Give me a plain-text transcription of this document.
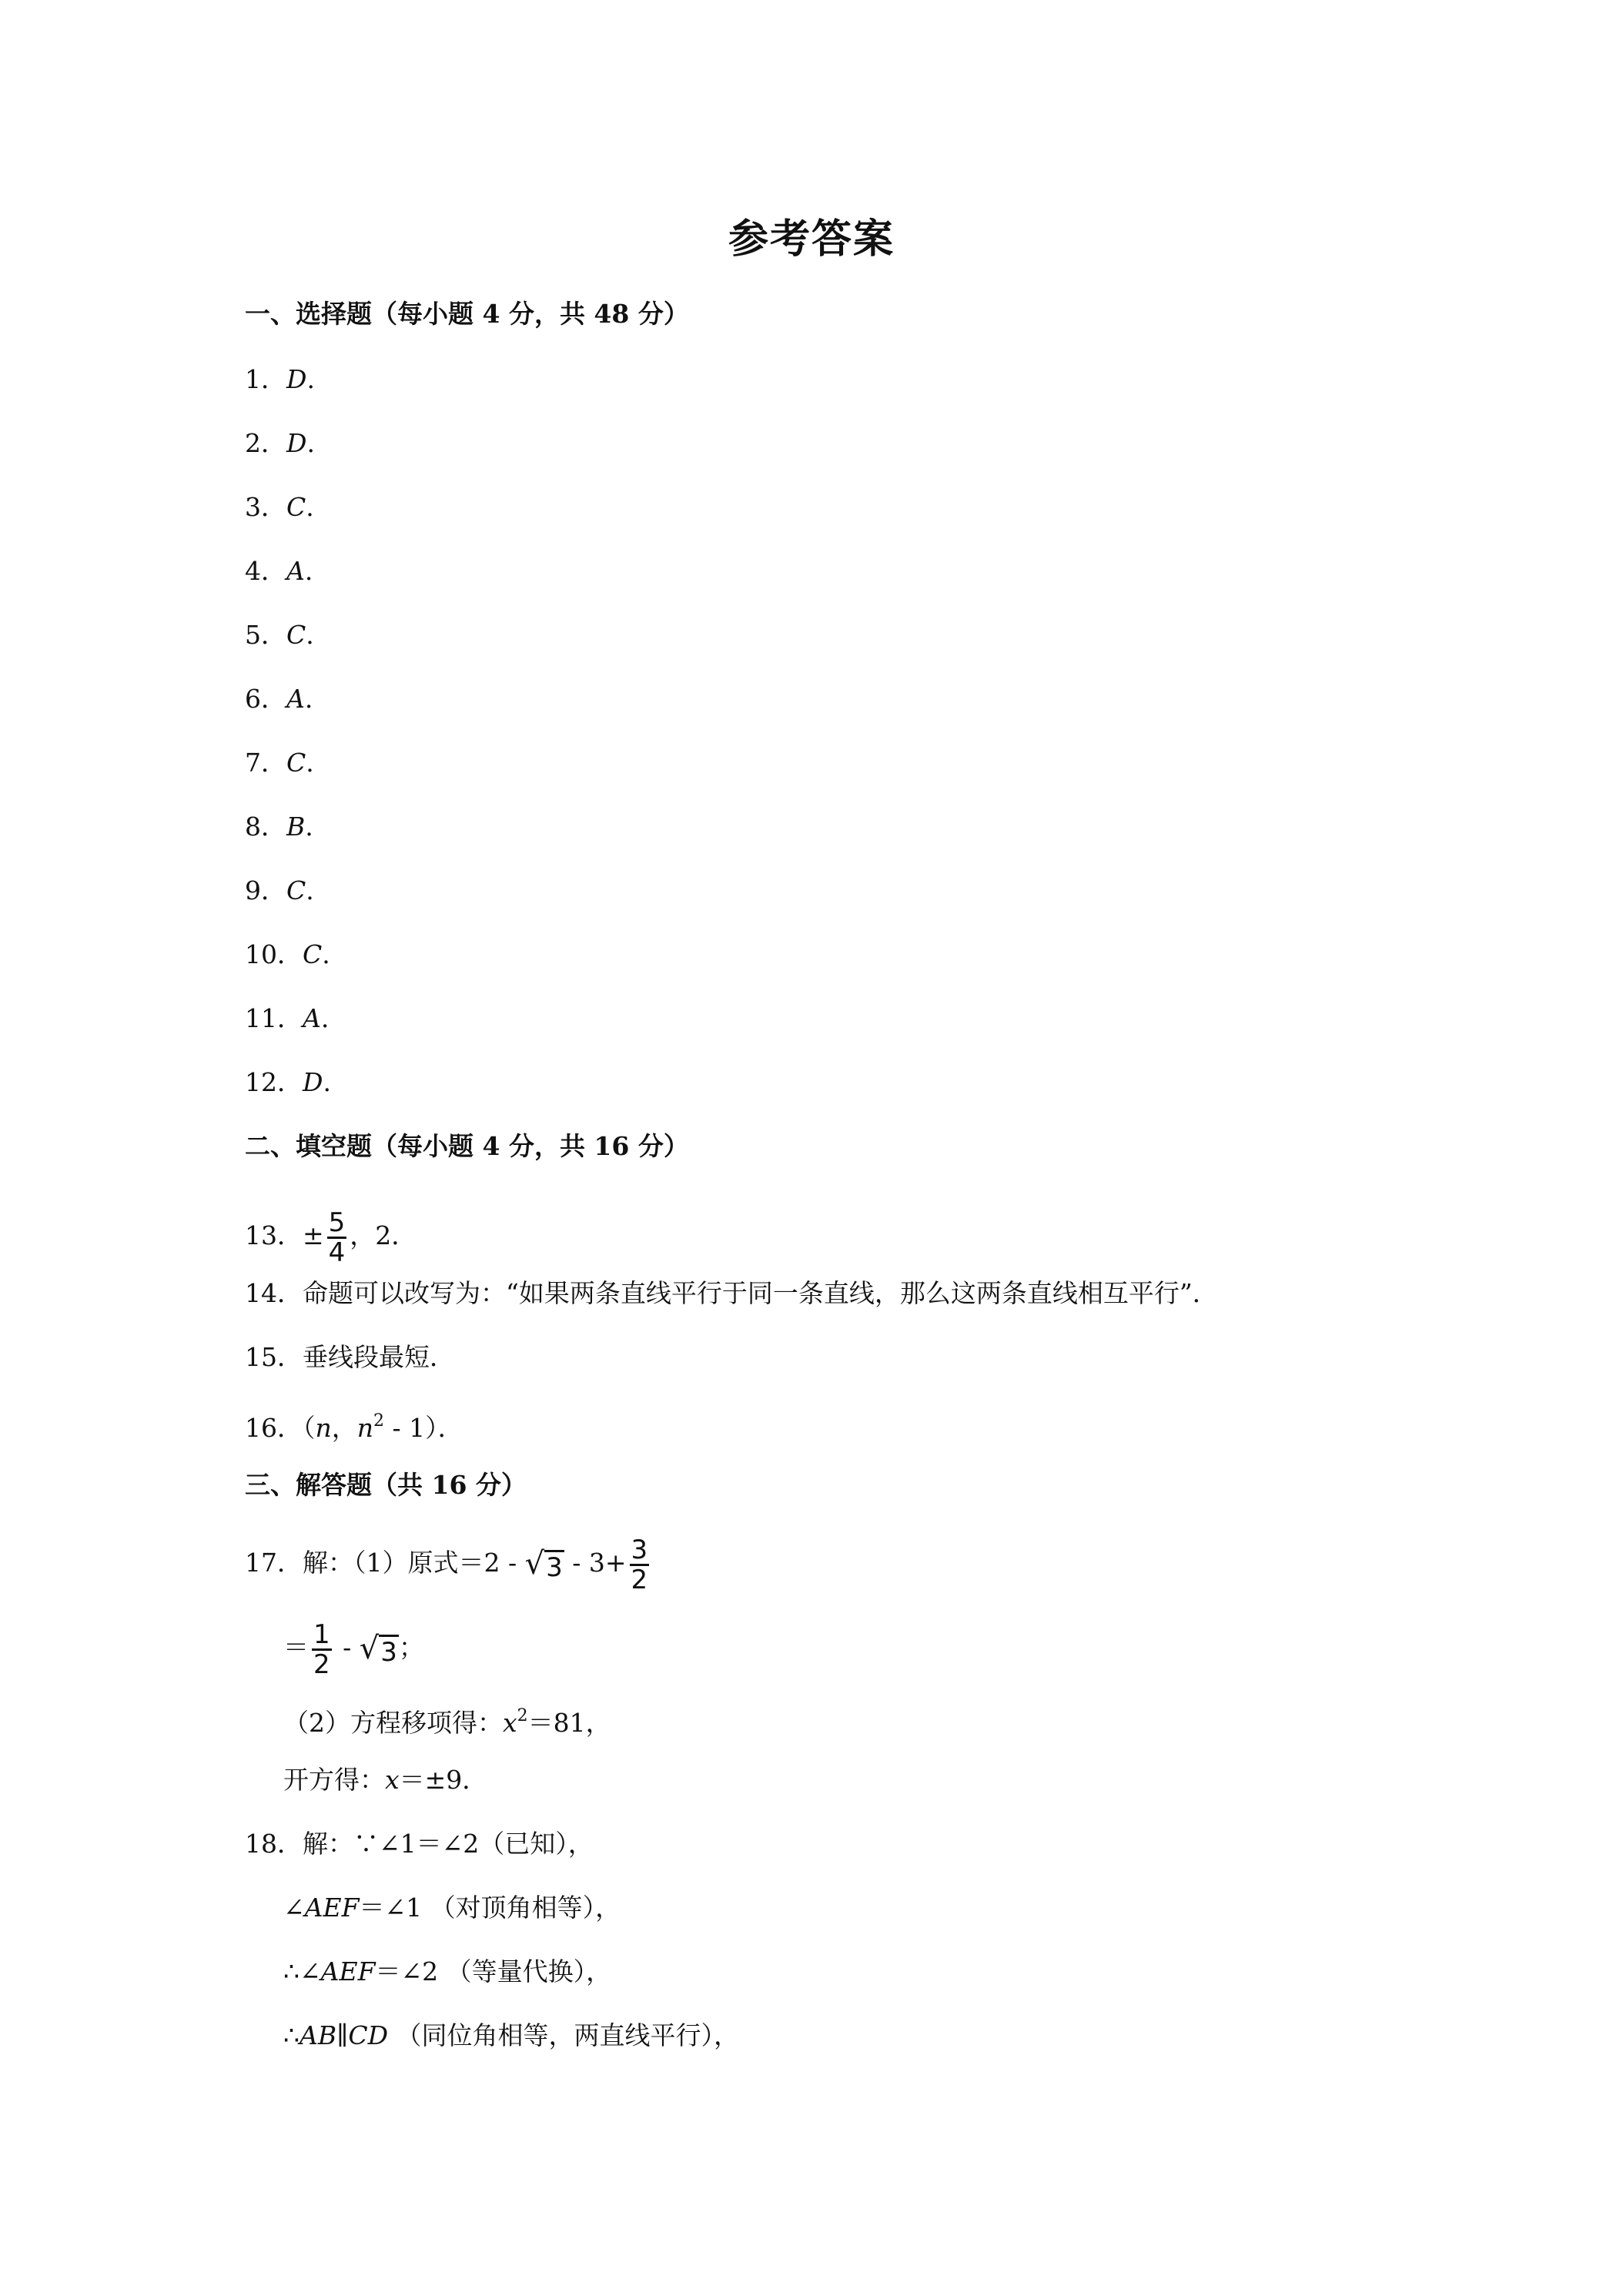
参考答案
一、选择题（每小题 4 分，共 48 分）
1．D.
2．D.
3．C.
4．A.
5．C.
6．A.
7．C.
8．B.
9．C.
10．C.
11．A.
12．D.
二、填空题（每小题 4 分，共 16 分）
13．± $\frac{5}{4}$ ，2．
14．命题可以改写为：“如果两条直线平行于同一条直线，那么这两条直线相互平行”．
15．垂线段最短．
16．（n，$n^2 - 1$）．
三、解答题（共 16 分）
17．解：（1）原式＝2 - √ $3 - 3+ \frac{3}{2}$
＝ $\frac{1}{2}$ - √ 3 ；
（2）方程移项得：$x^2=81$，
开方得：x＝±9．
18．解：∵∠1＝∠2（已知），
∠AEF＝∠1 （对顶角相等），
∴∠AEF＝∠2 （等量代换），
∴AB∥CD （同位角相等，两直线平行），
